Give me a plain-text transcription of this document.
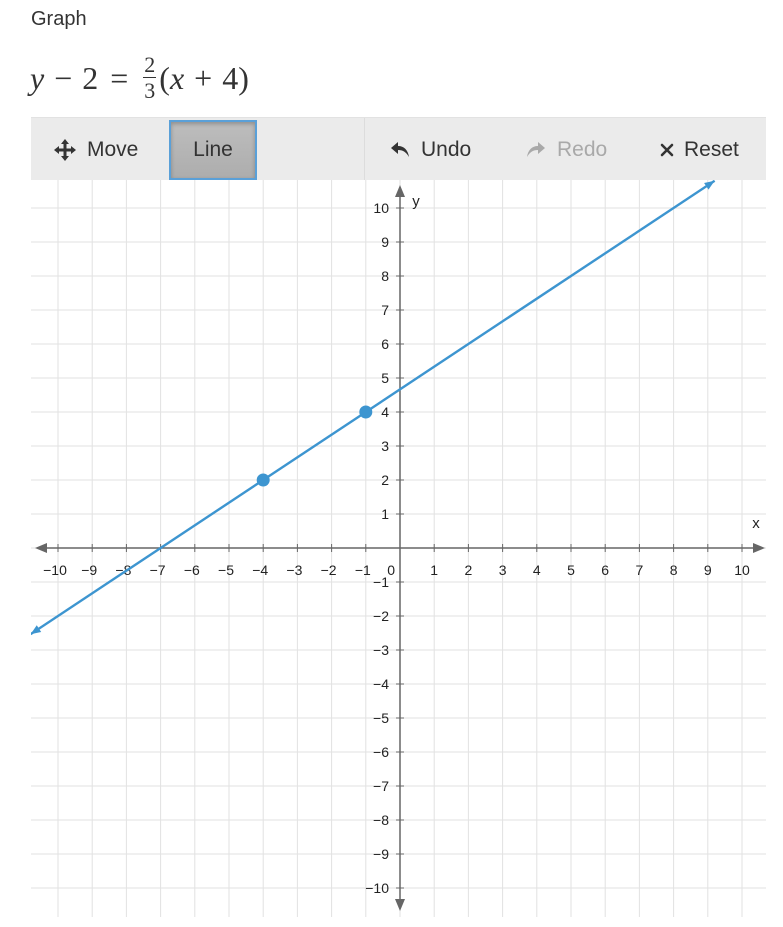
Graph
$y - 2 = \frac{2}{3}$ ( x + 4 )
Move	Line	Undo	Redo	Reset
x
y
−10 −9 −8 −7 −6 −5 −4 −3 −2 −1	1 2 3 4 5 6 7 8 9 10
−10
−9
−8
−7
−6
−5
−4
−3
−2
−1
1
2
3
4
5
6
7
8
9
10
0
